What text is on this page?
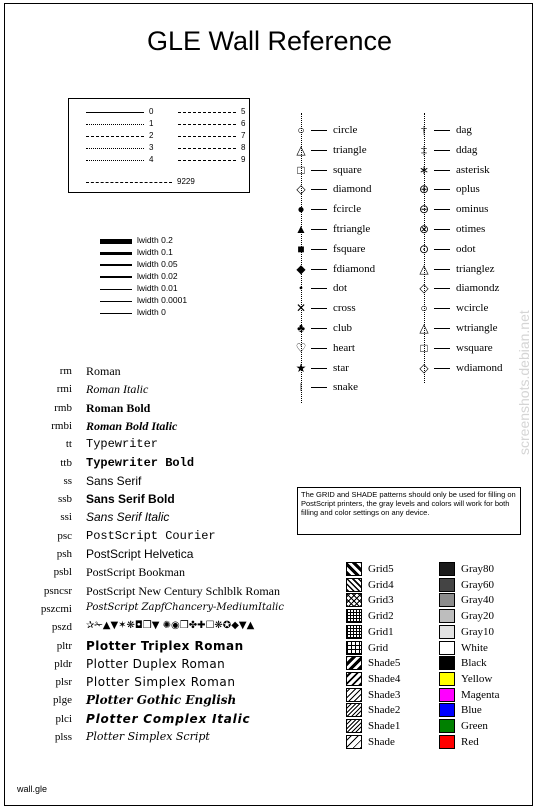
GLE Wall Reference
0
1
2
3
4
5
6
7
8
9
9229
lwidth 0.2
lwidth 0.1
lwidth 0.05
lwidth 0.02
lwidth 0.01
lwidth 0.0001
lwidth 0
○	circle
△	triangle
□	square
◇	diamond
●	fcircle
▲ ftriangle
■	fsquare
◆	fdiamond
•	dot
✕ cross
♣	club
♡ heart
★ star
ǀ	snake
†	dag
‡	ddag
∗ asterisk
⊕ oplus
⊖ ominus
⊗ otimes
⊙ odot
△	trianglez
◇	diamondz
○	wcircle
△	wtriangle
□	wsquare
◇	wdiamond
rm Roman
rmi Roman Italic
rmb Roman Bold
rmbi Roman Bold Italic
tt Typewriter
ttb Typewriter Bold
ss Sans Serif
ssb Sans Serif Bold
ssi Sans Serif Italic
psc PostScript Courier
psh PostScript Helvetica
psbl PostScript Bookman
psncsr PostScript New Century Schlblk Roman
pszcmi PostScript ZapfChancery-MediumItalic
pszd ✰✁▲▼✶❋◘❒▼ ✺◉❒✤✚☐❋✪◆▼▲
pltr Plotter Triplex Roman
pldr Plotter Duplex Roman
plsr Plotter Simplex Roman
plge Plotter Gothic English
plci Plotter Complex Italic
plss Plotter Simplex Script
The GRID and SHADE patterns should only be used for filling on PostScript printers, the gray levels and colors will work for both filling and color settings on any device.
Grid5
Grid4
Grid3
Grid2
Grid1
Grid
Shade5
Shade4
Shade3
Shade2
Shade1
Shade
Gray80
Gray60
Gray40
Gray20
Gray10
White
Black
Yellow
Magenta
Blue
Green
Red
wall.gle
screenshots.debian.net
